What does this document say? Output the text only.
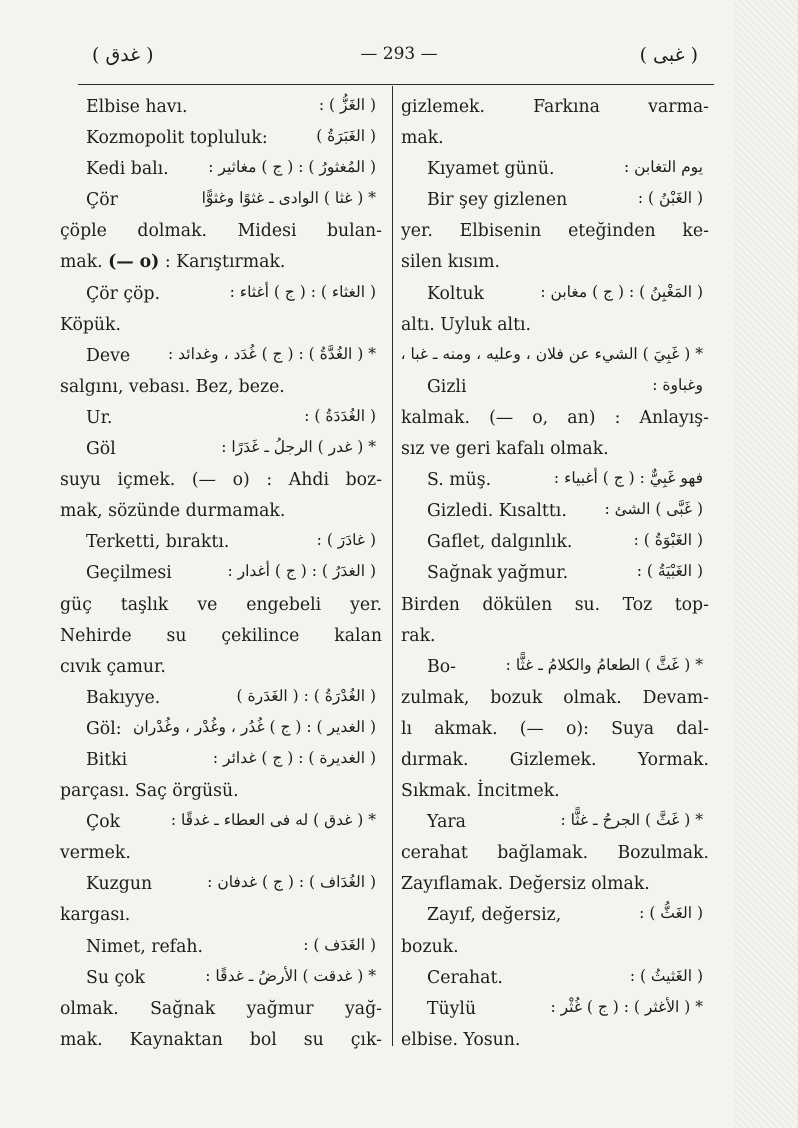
— 293 —
( غدق )	( غبى )
Elbise havı.	( الغَزُّ ) :
Kozmopolit topluluk:	( الغَبَرَةُ )
Kedi balı.	( المُغثورُ ) : ( ج ) مغاثير :
Çör	* ( غثا ) الوادى ـ غثوًا وغثوًّا
çöple dolmak. Midesi bulan-
mak. (— o) : Karıştırmak.
Çör çöp.	( الغثاء ) : ( ج ) أغثاء :
Köpük.
Deve * ( الغُدَّةُ ) : ( ج ) غُدَد ، وغدائد :
salgını, vebası. Bez, beze.
Ur.	( الغُدَدَةُ ) :
Göl	* ( غدر ) الرجلُ ـ غَدَرًا :
suyu içmek. (— o) : Ahdi boz-
mak, sözünde durmamak.
Terketti, bıraktı.	( غادَرَ ) :
Geçilmesi	( الغدَرُ ) : ( ج ) أغدار :
güç taşlık ve engebeli yer.
Nehirde su çekilince kalan
cıvık çamur.
Bakıyye.	( الغُدْرَةُ ) : ( الغَدَرة )
Göl: ( الغدير ) : ( ج ) غُدُر ، وغُدْر ، وغُدْران
Bitki	( الغديرة ) : ( ج ) غدائر :
parçası. Saç örgüsü.
Çok	* ( غدق ) له فى العطاء ـ غدقًا :
vermek.
Kuzgun	( الغُدَاف ) : ( ج ) غدفان :
kargası.
Nimet, refah.	( الغَدَف ) :
Su çok	* ( غدقت ) الأرضُ ـ غدقًا :
olmak. Sağnak yağmur yağ-
mak. Kaynaktan bol su çık-
gizlemek.	Farkına	varma-
mak.
Kıyamet günü.	يوم التغابن :
Bir şey gizlenen	( الغَبْنُ ) :
yer. Elbisenin eteğinden ke-
silen kısım.
Koltuk	( المَغْبِنُ ) : ( ج ) مغابن :
altı. Uyluk altı.
* ( غَبِيَ ) الشيء عن فلان ، وعليه ، ومنه ـ غبا ،
Gizli	وغباوة :
kalmak. (— o, an) : Anlayış-
sız ve geri kafalı olmak.
S. müş.	فهو غَبِيٌّ : ( ج ) أغبياء :
Gizledi. Kısalttı. ( غَبَّى ) الشئ :
Gaflet, dalgınlık.	( الغَبْوَةُ ) :
Sağnak yağmur.	( الغَبْيَةُ ) :
Birden dökülen su. Toz top-
rak.
Bo-	* ( غَثَّ ) الطعامُ والكلامُ ـ غثًّا :
zulmak, bozuk olmak. Devam-
lı akmak. (— o): Suya dal-
dırmak. Gizlemek. Yormak.
Sıkmak. İncitmek.
Yara	* ( غَثَّ ) الجرحُ ـ غثًّا :
cerahat bağlamak. Bozulmak.
Zayıflamak. Değersiz olmak.
Zayıf, değersiz,	( الغَثُّ ) :
bozuk.
Cerahat.	( الغَثيثُ ) :
Tüylü	* ( الأغثر ) : ( ج ) غُثْر :
elbise. Yosun.
